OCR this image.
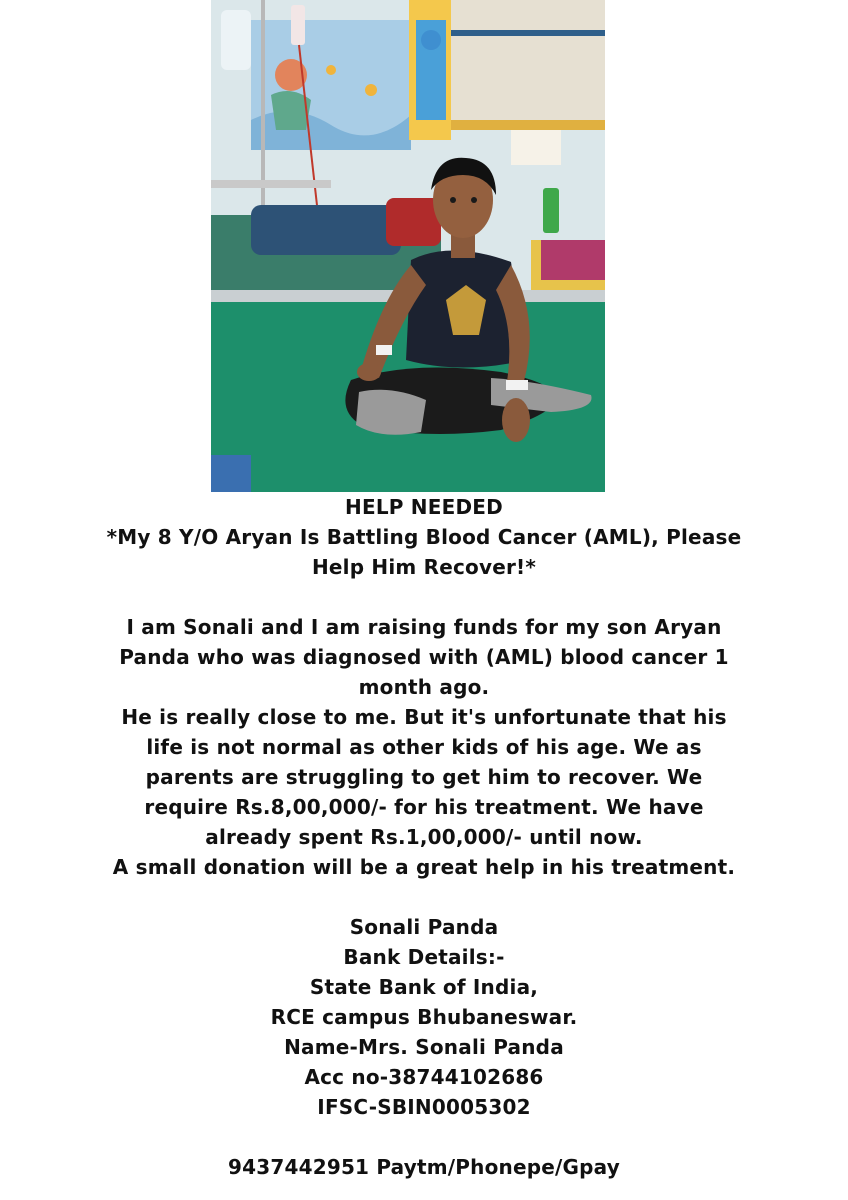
HELP NEEDED
*My 8 Y/O Aryan Is Battling Blood Cancer (AML), Please
Help Him Recover!*
I am Sonali and I am raising funds for my son Aryan
Panda who was diagnosed with (AML) blood cancer 1
month ago.
He is really close to me. But it's unfortunate that his
life is not normal as other kids of his age. We as
parents are struggling to get him to recover. We
require Rs.8,00,000/- for his treatment. We have
already spent Rs.1,00,000/- until now.
A small donation will be a great help in his treatment.
Sonali Panda
Bank Details:-
State Bank of India,
RCE campus Bhubaneswar.
Name-Mrs. Sonali Panda
Acc no-38744102686
IFSC-SBIN0005302
9437442951 Paytm/Phonepe/Gpay
